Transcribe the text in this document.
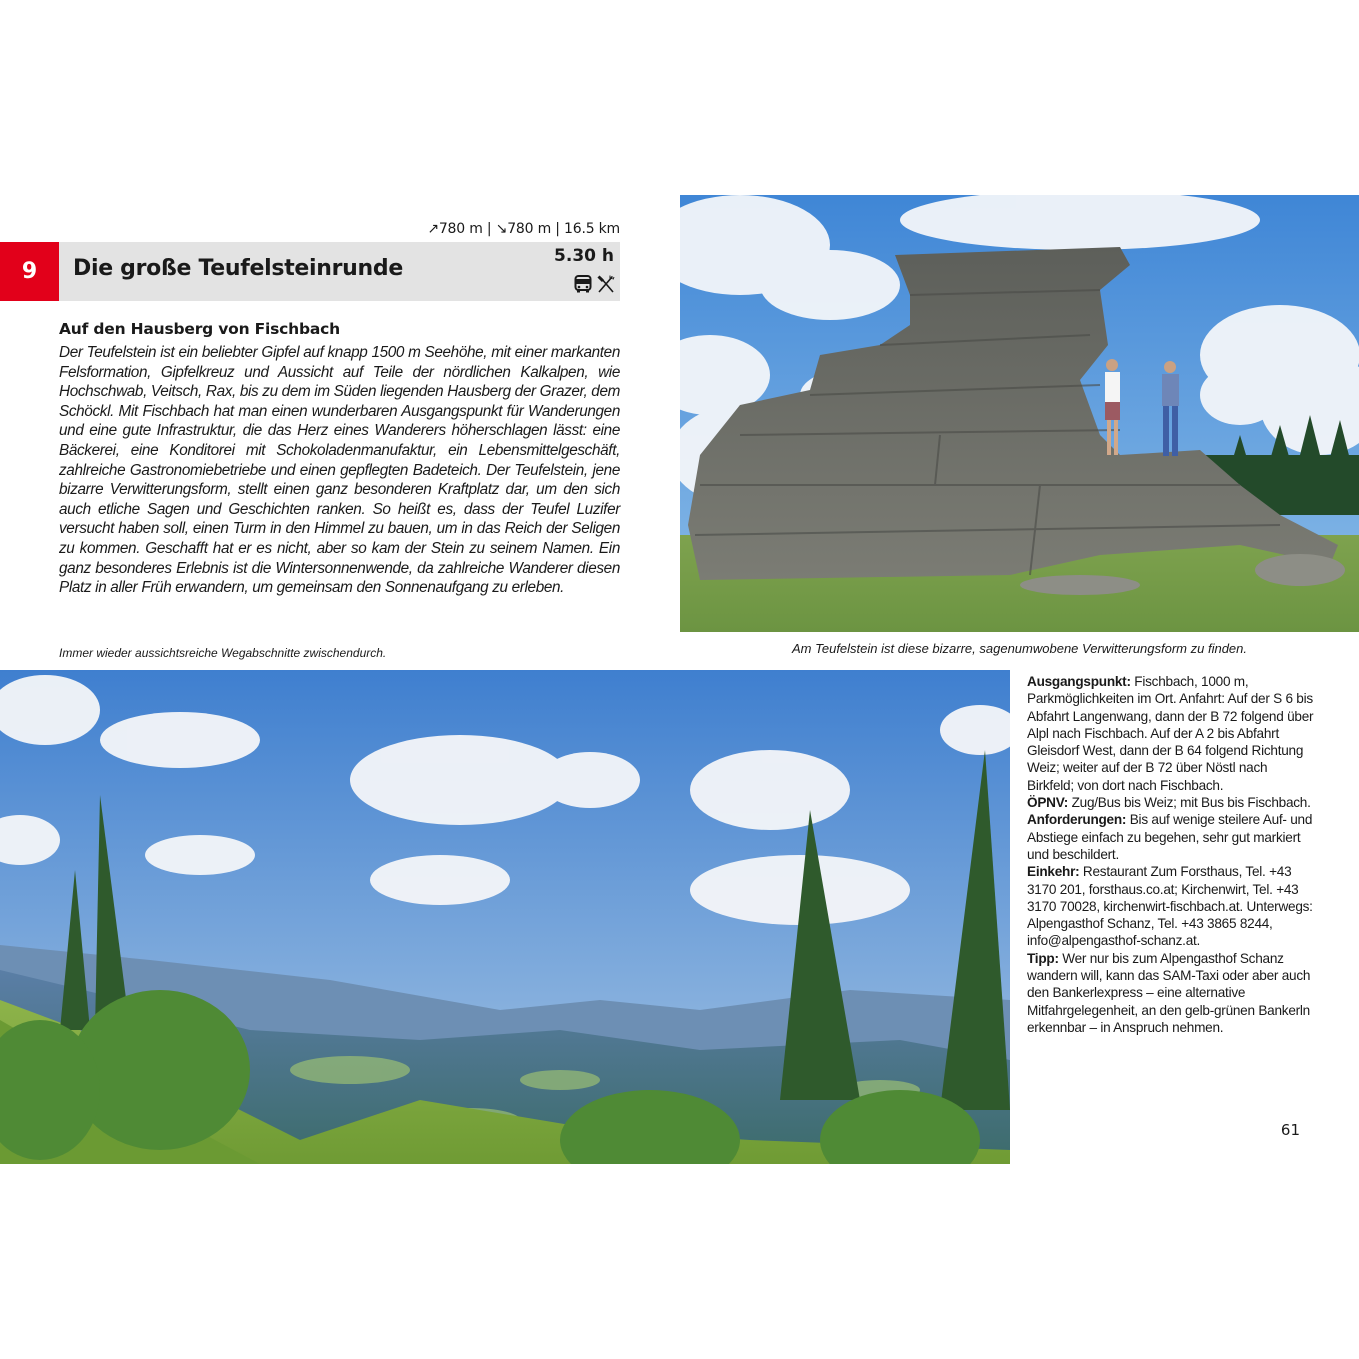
↗780 m | ↘780 m | 16.5 km
9 Die große Teufelsteinrunde	5.30 h
Auf den Hausberg von Fischbach
Der Teufelstein ist ein beliebter Gipfel auf knapp 1500 m Seehöhe, mit einer markanten Felsformation, Gipfelkreuz und Aussicht auf Teile der nördlichen Kalkalpen, wie Hochschwab, Veitsch, Rax, bis zu dem im Süden liegenden Hausberg der Grazer, dem Schöckl. Mit Fischbach hat man einen wunderbaren Ausgangspunkt für Wanderungen und eine gute Infrastruktur, die das Herz eines Wanderers höherschlagen lässt: eine Bäckerei, eine Konditorei mit Schokoladenmanufaktur, ein Lebensmittelgeschäft, zahlreiche Gastronomiebetriebe und einen gepflegten Badeteich. Der Teufelstein, jene bizarre Verwitterungsform, stellt einen ganz besonderen Kraftplatz dar, um den sich auch etliche Sagen und Geschichten ranken. So heißt es, dass der Teufel Luzifer versucht haben soll, einen Turm in den Himmel zu bauen, um in das Reich der Seligen zu kommen. Geschafft hat er es nicht, aber so kam der Stein zu seinem Namen. Ein ganz besonderes Erlebnis ist die Wintersonnenwende, da zahlreiche Wanderer diesen Platz in aller Früh erwandern, um gemeinsam den Sonnenaufgang zu erleben.
Immer wieder aussichtsreiche Wegabschnitte zwischendurch.	Am Teufelstein ist diese bizarre, sagenumwobene Verwitterungsform zu finden.

Ausgangspunkt: Fischbach, 1000 m, Parkmöglichkeiten im Ort. Anfahrt: Auf der S 6 bis Abfahrt Langenwang, dann der B 72 folgend über Alpl nach Fischbach. Auf der A 2 bis Abfahrt Gleisdorf West, dann der B 64 folgend Richtung Weiz; weiter auf der B 72 über Nöstl nach Birkfeld; von dort nach Fischbach.

ÖPNV: Zug/Bus bis Weiz; mit Bus bis Fischbach.

Anforderungen: Bis auf wenige steilere Auf- und Abstiege einfach zu begehen, sehr gut markiert und beschildert.

Einkehr: Restaurant Zum Forsthaus, Tel. +43 3170 201, forsthaus.co.at; Kirchenwirt, Tel. +43 3170 70028, kirchenwirt-fischbach.at. Unterwegs: Alpengasthof Schanz, Tel. +43 3865 8244, info@alpengasthof-schanz.at.

Tipp: Wer nur bis zum Alpengasthof Schanz wandern will, kann das SAM-Taxi oder aber auch den Bankerlexpress – eine alternative Mitfahrgelegenheit, an den gelb-grünen Bankerln erkennbar – in Anspruch nehmen.

61
